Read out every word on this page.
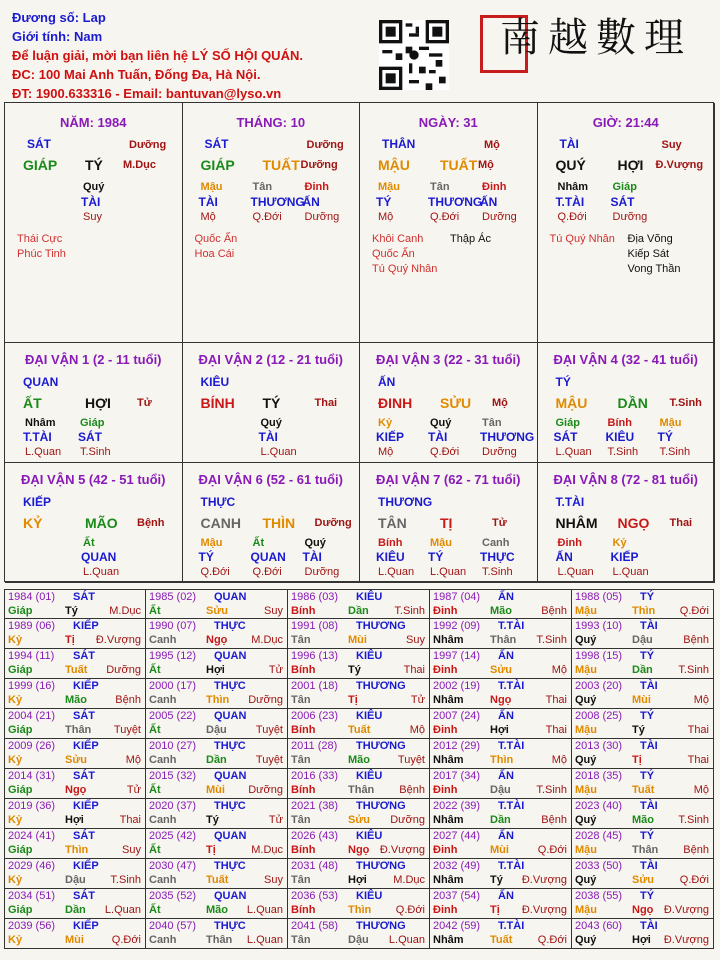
Đương số: Lap
Giới tính: Nam
Để luận giải, mời bạn liên hệ LÝ SỐ HỘI QUÁN.
ĐC: 100 Mai Anh Tuấn, Đống Đa, Hà Nội.
ĐT: 1900.633316 - Email: bantuvan@lyso.vn
南越數理
NĂM: 1984
SÁT	Dưỡng
GIÁP TÝ M.Dục
Quý
TÀI
Suy
Thái Cực
Phúc Tinh
THÁNG: 10
SÁT	Dưỡng
GIÁP TUẤT Dưỡng
Mậu
TÀI
Mộ
Tân
THƯƠNG
Q.Đới
Đinh
ẤN
Dưỡng
Quốc Ấn
Hoa Cái
NGÀY: 31
THÂN	Mộ
MẬU TUẤT Mộ
Mậu
TÝ
Mộ
Tân
THƯƠNG
Q.Đới
Đinh
ẤN
Dưỡng
Khôi Canh
Quốc Ấn
Tú Quý Nhân
Thập Ác
GIỜ: 21:44
TÀI	Suy
QUÝ HỢI Đ.Vượng
Nhâm
T.TÀI
Q.Đới
Giáp
SÁT
Dưỡng
Tú Quý Nhân Địa Võng
Kiếp Sát
Vong Thần
ĐẠI VẬN 1 (2 - 11 tuổi)
QUAN
ẤT	HỢI Tử
Nhâm
T.TÀI
L.Quan
Giáp
SÁT
T.Sinh
ĐẠI VẬN 2 (12 - 21 tuổi)
KIÊU
BÍNH TÝ	Thai
Quý
TÀI
L.Quan
ĐẠI VẬN 3 (22 - 31 tuổi)
ẤN
ĐINH SỬU Mộ
Kỷ
KIẾP
Mộ
Quý
TÀI
Q.Đới
Tân
THƯƠNG
Dưỡng
ĐẠI VẬN 4 (32 - 41 tuổi)
TÝ
MẬU DẦN T.Sinh
Giáp
SÁT
L.Quan
Bính
KIÊU
T.Sinh
Mậu
TÝ
T.Sinh
ĐẠI VẬN 5 (42 - 51 tuổi)
KIẾP
KỶ	MÃO Bệnh
Ất
QUAN
L.Quan
ĐẠI VẬN 6 (52 - 61 tuổi)
THỰC
CANH THÌN Dưỡng
Mậu
TÝ
Q.Đới
Ất
QUAN
Q.Đới
Quý
TÀI
Dưỡng
ĐẠI VẬN 7 (62 - 71 tuổi)
THƯƠNG
TÂN TỊ	Tử
Bính
KIÊU
L.Quan
Mậu
TÝ
L.Quan
Canh
THỰC
T.Sinh
ĐẠI VẬN 8 (72 - 81 tuổi)
T.TÀI
NHÂM NGỌ Thai
Đinh
ẤN
L.Quan
Kỷ
KIẾP
L.Quan
1984 (01) SÁT
Giáp	Tý	M.Dục
1985 (02) QUAN
Ất	Sửu	Suy
1986 (03) KIÊU
Bính	Dần T.Sinh
1987 (04) ẤN
Đinh	Mão	Bệnh
1988 (05) TÝ
Mậu	Thìn Q.Đới
1989 (06) KIẾP
Kỷ	Tị Đ.Vượng
1990 (07) THỰC
Canh	Ngọ M.Dục
1991 (08) THƯƠNG
Tân	Mùi	Suy
1992 (09) T.TÀI
Nhâm Thân T.Sinh
1993 (10) TÀI
Quý	Dậu	Bệnh
1994 (11) SÁT
Giáp	Tuất Dưỡng
1995 (12) QUAN
Ất	Hợi	Tử
1996 (13) KIÊU
Bính	Tý	Thai
1997 (14) ẤN
Đinh	Sửu	Mộ
1998 (15) TÝ
Mậu	Dần T.Sinh
1999 (16) KIẾP
Kỷ	Mão	Bệnh
2000 (17) THỰC
Canh	Thìn Dưỡng
2001 (18) THƯƠNG
Tân	Tị	Tử
2002 (19) T.TÀI
Nhâm Ngọ	Thai
2003 (20) TÀI
Quý	Mùi	Mộ
2004 (21) SÁT
Giáp	Thân Tuyệt
2005 (22) QUAN
Ất	Dậu	Tuyệt
2006 (23) KIÊU
Bính	Tuất	Mộ
2007 (24) ẤN
Đinh	Hợi	Thai
2008 (25) TÝ
Mậu	Tý	Thai
2009 (26) KIẾP
Kỷ	Sửu	Mộ
2010 (27) THỰC
Canh	Dần	Tuyệt
2011 (28) THƯƠNG
Tân	Mão	Tuyệt
2012 (29) T.TÀI
Nhâm Thìn	Mộ
2013 (30) TÀI
Quý	Tị	Thai
2014 (31) SÁT
Giáp	Ngọ	Tử
2015 (32) QUAN
Ất	Mùi Dưỡng
2016 (33) KIÊU
Bính	Thân Bệnh
2017 (34) ẤN
Đinh	Dậu T.Sinh
2018 (35) TÝ
Mậu	Tuất	Mộ
2019 (36) KIẾP
Kỷ	Hợi	Thai
2020 (37) THỰC
Canh	Tý	Tử
2021 (38) THƯƠNG
Tân	Sửu Dưỡng
2022 (39) T.TÀI
Nhâm Dần	Bệnh
2023 (40) TÀI
Quý	Mão T.Sinh
2024 (41) SÁT
Giáp	Thìn	Suy
2025 (42) QUAN
Ất	Tị	M.Dục
2026 (43) KIÊU
Bính	Ngọ Đ.Vượng
2027 (44) ẤN
Đinh	Mùi	Q.Đới
2028 (45) TÝ
Mậu	Thân Bệnh
2029 (46) KIẾP
Kỷ	Dậu T.Sinh
2030 (47) THỰC
Canh	Tuất	Suy
2031 (48) THƯƠNG
Tân	Hợi M.Dục
2032 (49) T.TÀI
Nhâm Tý Đ.Vượng
2033 (50) TÀI
Quý	Sửu Q.Đới
2034 (51) SÁT
Giáp	Dần L.Quan
2035 (52) QUAN
Ất	Mão L.Quan
2036 (53) KIÊU
Bính	Thìn Q.Đới
2037 (54) ẤN
Đinh	Tị Đ.Vượng
2038 (55) TÝ
Mậu	Ngọ Đ.Vượng
2039 (56) KIẾP
Kỷ	Mùi	Q.Đới
2040 (57) THỰC
Canh	Thân L.Quan
2041 (58) THƯƠNG
Tân	Dậu L.Quan
2042 (59) T.TÀI
Nhâm Tuất Q.Đới
2043 (60) TÀI
Quý	Hợi Đ.Vượng
